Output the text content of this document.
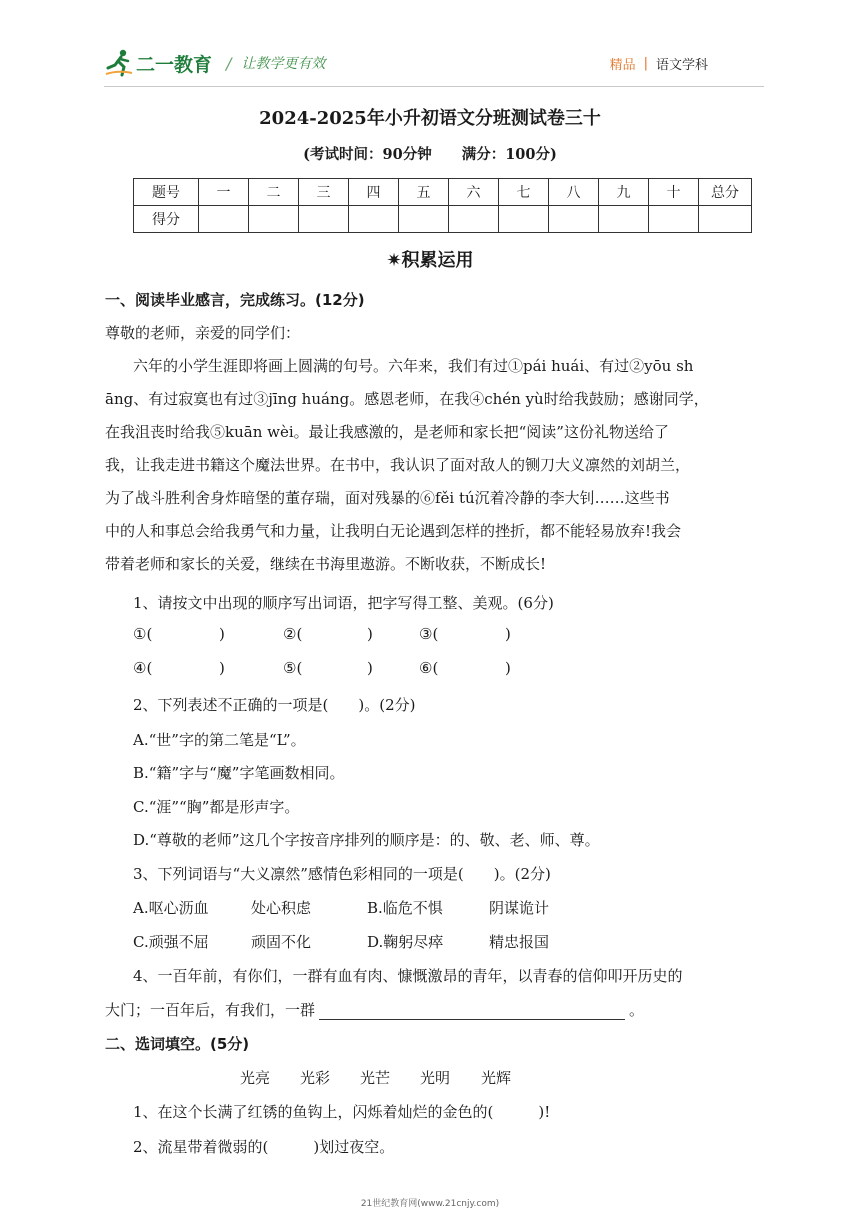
二一教育 / 让教学更有效	精品 | 语文学科
2024-2025年小升初语文分班测试卷三十
(考试时间：90分钟 满分：100分)
题号	一	二	三	四	五	六	七	八	九	十	总分
得分											
✷积累运用
一、阅读毕业感言，完成练习。(12分)
尊敬的老师，亲爱的同学们：
六年的小学生涯即将画上圆满的句号。六年来，我们有过①pái huái、有过②yōu sh
āng、有过寂寞也有过③jīng huáng。感恩老师，在我④chén yù时给我鼓励；感谢同学，
在我沮丧时给我⑤kuān wèi。最让我感激的，是老师和家长把“阅读”这份礼物送给了
我，让我走进书籍这个魔法世界。在书中，我认识了面对敌人的铡刀大义凛然的刘胡兰，
为了战斗胜利舍身炸暗堡的董存瑞，面对残暴的⑥fěi tú沉着冷静的李大钊……这些书
中的人和事总会给我勇气和力量，让我明白无论遇到怎样的挫折，都不能轻易放弃!我会
带着老师和家长的关爱，继续在书海里遨游。不断收获，不断成长!
1、请按文中出现的顺序写出词语，把字写得工整、美观。(6分)
①(	)	②(	)	③(	)
④(	)	⑤(	)	⑥(	)
2、下列表述不正确的一项是(　　)。(2分)
A.“世”字的第二笔是“L”。
B.“籍”字与“魔”字笔画数相同。
C.“涯”“胸”都是形声字。
D.“尊敬的老师”这几个字按音序排列的顺序是：的、敬、老、师、尊。
3、下列词语与“大义凛然”感情色彩相同的一项是(　　)。(2分)
A.呕心沥血	处心积虑	B.临危不惧	阴谋诡计
C.顽强不屈	顽固不化	D.鞠躬尽瘁	精忠报国
4、一百年前，有你们，一群有血有肉、慷慨激昂的青年，以青春的信仰叩开历史的
大门；一百年后，有我们，一群	。
二、选词填空。(5分)
光亮 光彩 光芒 光明 光辉
1、在这个长满了红锈的鱼钩上，闪烁着灿烂的金色的(　　　)!
2、流星带着微弱的(　　　)划过夜空。
21世纪教育网(www.21cnjy.com)
